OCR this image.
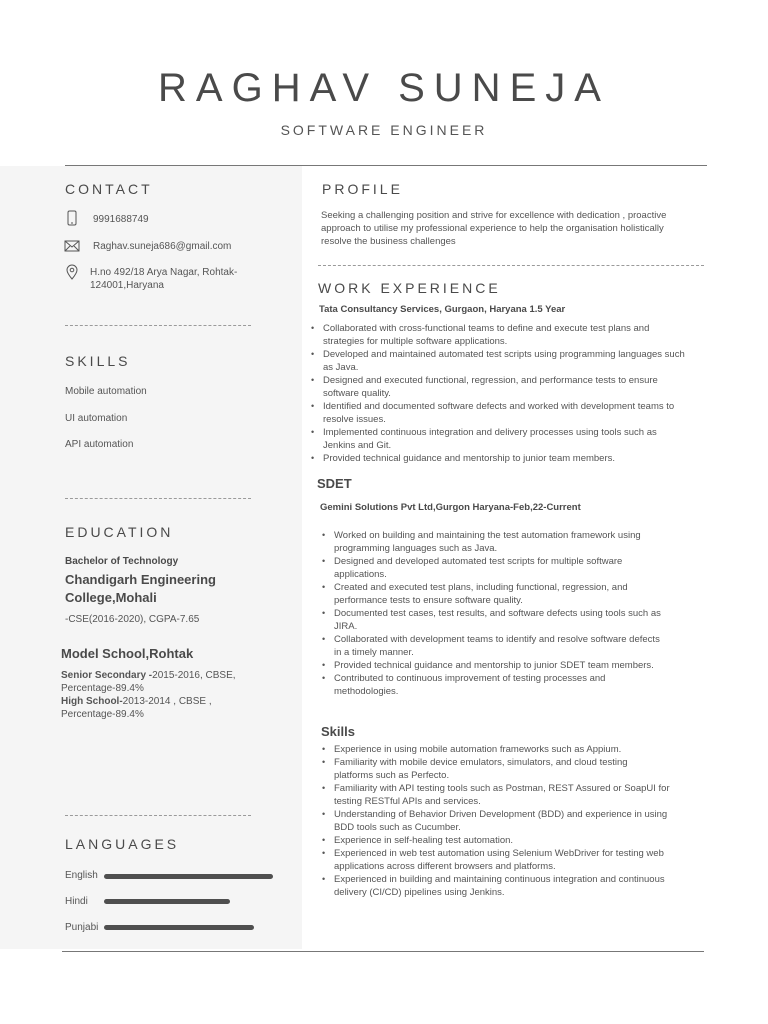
RAGHAV SUNEJA
SOFTWARE ENGINEER
CONTACT
9991688749
Raghav.suneja686@gmail.com
H.no 492/18 Arya Nagar, Rohtak-
124001,Haryana
SKILLS
Mobile automation
UI automation
API automation
EDUCATION
Bachelor of Technology
Chandigarh Engineering
College,Mohali
-CSE(2016-2020), CGPA-7.65
Model School,Rohtak
Senior Secondary -2015-2016, CBSE,
Percentage-89.4%
High School-2013-2014 , CBSE ,
Percentage-89.4%
LANGUAGES
English
Hindi
Punjabi
PROFILE
Seeking a challenging position and strive for excellence with dedication , proactive
approach to utilise my professional experience to help the organisation holistically
resolve the business challenges
WORK EXPERIENCE
Tata Consultancy Services, Gurgaon, Haryana 1.5 Year
• Collaborated with cross-functional teams to define and execute test plans and
strategies for multiple software applications.
• Developed and maintained automated test scripts using programming languages such
as Java.
• Designed and executed functional, regression, and performance tests to ensure
software quality.
• Identified and documented software defects and worked with development teams to
resolve issues.
• Implemented continuous integration and delivery processes using tools such as
Jenkins and Git.
• Provided technical guidance and mentorship to junior team members.
SDET
Gemini Solutions Pvt Ltd,Gurgon Haryana-Feb,22-Current
• Worked on building and maintaining the test automation framework using
programming languages such as Java.
• Designed and developed automated test scripts for multiple software
applications.
• Created and executed test plans, including functional, regression, and
performance tests to ensure software quality.
• Documented test cases, test results, and software defects using tools such as
JIRA.
• Collaborated with development teams to identify and resolve software defects
in a timely manner.
• Provided technical guidance and mentorship to junior SDET team members.
• Contributed to continuous improvement of testing processes and
methodologies.
Skills
• Experience in using mobile automation frameworks such as Appium.
• Familiarity with mobile device emulators, simulators, and cloud testing
platforms such as Perfecto.
• Familiarity with API testing tools such as Postman, REST Assured or SoapUI for
testing RESTful APIs and services.
• Understanding of Behavior Driven Development (BDD) and experience in using
BDD tools such as Cucumber.
• Experience in self-healing test automation.
• Experienced in web test automation using Selenium WebDriver for testing web
applications across different browsers and platforms.
• Experienced in building and maintaining continuous integration and continuous
delivery (CI/CD) pipelines using Jenkins.
